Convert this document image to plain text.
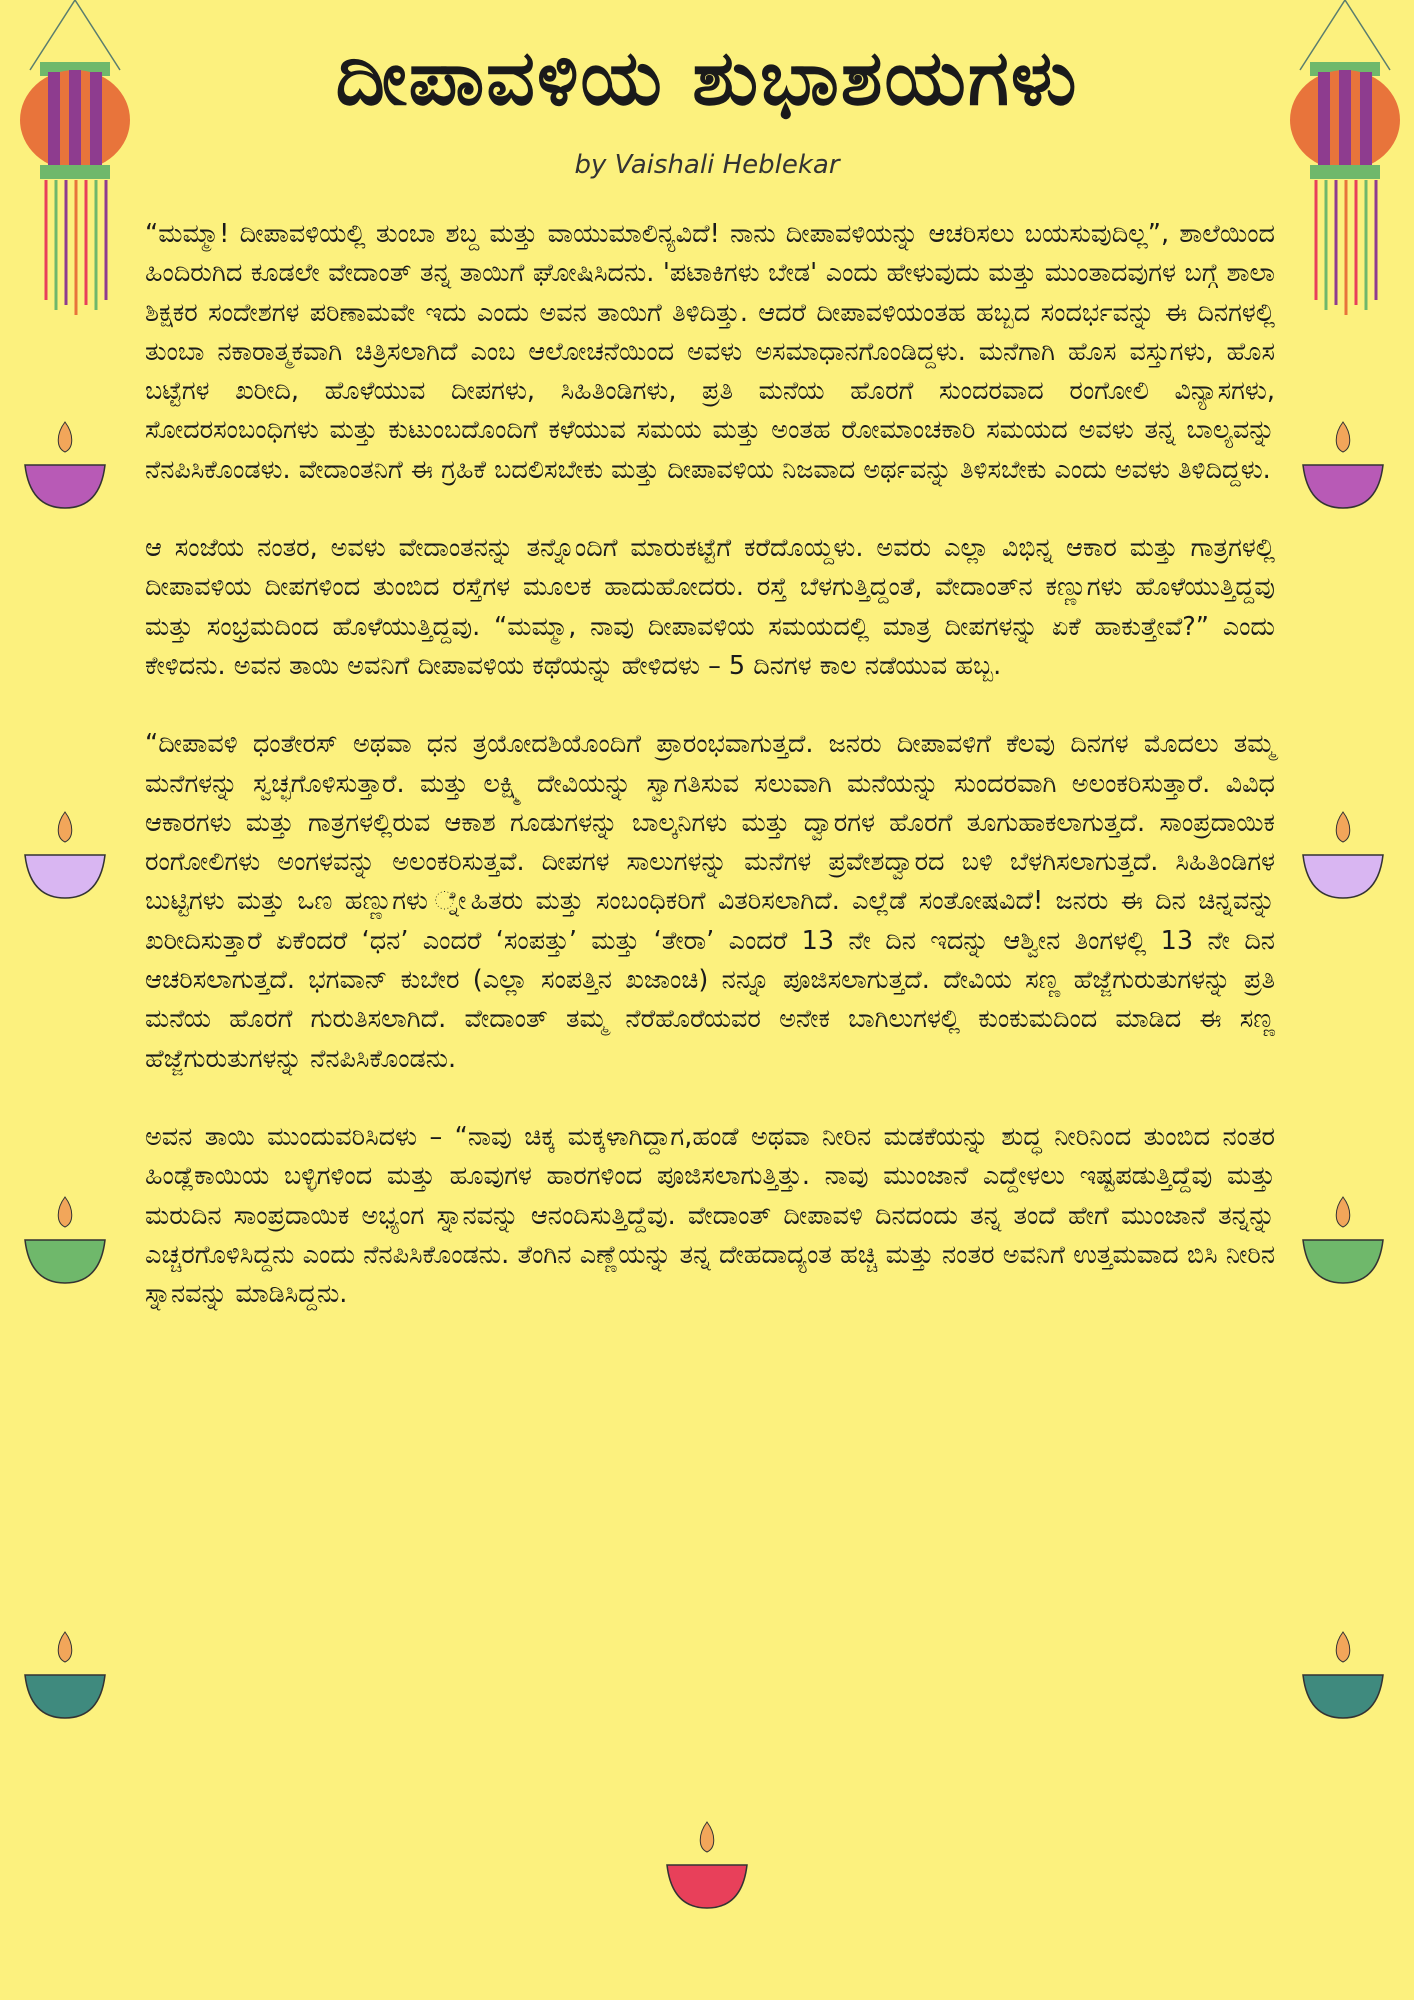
ದೀಪಾವಳಿಯ ಶುಭಾಶಯಗಳು
by Vaishali Heblekar

“ಮಮ್ಮಾ! ದೀಪಾವಳಿಯಲ್ಲಿ ತುಂಬಾ ಶಬ್ದ ಮತ್ತು ವಾಯುಮಾಲಿನ್ಯವಿದೆ! ನಾನು ದೀಪಾವಳಿಯನ್ನು ಆಚರಿಸಲು ಬಯಸುವುದಿಲ್ಲ”, ಶಾಲೆಯಿಂದ ಹಿಂದಿರುಗಿದ ಕೂಡಲೇ ವೇದಾಂತ್ ತನ್ನ ತಾಯಿಗೆ ಘೋಷಿಸಿದನು. 'ಪಟಾಕಿಗಳು ಬೇಡ' ಎಂದು ಹೇಳುವುದು ಮತ್ತು ಮುಂತಾದವುಗಳ ಬಗ್ಗೆ ಶಾಲಾ ಶಿಕ್ಷಕರ ಸಂದೇಶಗಳ ಪರಿಣಾಮವೇ ಇದು ಎಂದು ಅವನ ತಾಯಿಗೆ ತಿಳಿದಿತ್ತು. ಆದರೆ ದೀಪಾವಳಿಯಂತಹ ಹಬ್ಬದ ಸಂದರ್ಭವನ್ನು ಈ ದಿನಗಳಲ್ಲಿ ತುಂಬಾ ನಕಾರಾತ್ಮಕವಾಗಿ ಚಿತ್ರಿಸಲಾಗಿದೆ ಎಂಬ ಆಲೋಚನೆಯಿಂದ ಅವಳು ಅಸಮಾಧಾನಗೊಂಡಿದ್ದಳು. ಮನೆಗಾಗಿ ಹೊಸ ವಸ್ತುಗಳು, ಹೊಸ ಬಟ್ಟೆಗಳ ಖರೀದಿ, ಹೊಳೆಯುವ ದೀಪಗಳು, ಸಿಹಿತಿಂಡಿಗಳು, ಪ್ರತಿ ಮನೆಯ ಹೊರಗೆ ಸುಂದರವಾದ ರಂಗೋಲಿ ವಿನ್ಯಾಸಗಳು, ಸೋದರಸಂಬಂಧಿಗಳು ಮತ್ತು ಕುಟುಂಬದೊಂದಿಗೆ ಕಳೆಯುವ ಸಮಯ ಮತ್ತು ಅಂತಹ ರೋಮಾಂಚಕಾರಿ ಸಮಯದ ಅವಳು ತನ್ನ ಬಾಲ್ಯವನ್ನು ನೆನಪಿಸಿಕೊಂಡಳು. ವೇದಾಂತನಿಗೆ ಈ ಗ್ರಹಿಕೆ ಬದಲಿಸಬೇಕು ಮತ್ತು ದೀಪಾವಳಿಯ ನಿಜವಾದ ಅರ್ಥವನ್ನು ತಿಳಿಸಬೇಕು ಎಂದು ಅವಳು ತಿಳಿದಿದ್ದಳು.

ಆ ಸಂಜೆಯ ನಂತರ, ಅವಳು ವೇದಾಂತನನ್ನು ತನ್ನೊಂದಿಗೆ ಮಾರುಕಟ್ಟೆಗೆ ಕರೆದೊಯ್ದಳು. ಅವರು ಎಲ್ಲಾ ವಿಭಿನ್ನ ಆಕಾರ ಮತ್ತು ಗಾತ್ರಗಳಲ್ಲಿ ದೀಪಾವಳಿಯ ದೀಪಗಳಿಂದ ತುಂಬಿದ ರಸ್ತೆಗಳ ಮೂಲಕ ಹಾದುಹೋದರು. ರಸ್ತೆ ಬೆಳಗುತ್ತಿದ್ದಂತೆ, ವೇದಾಂತ್‌ನ ಕಣ್ಣುಗಳು ಹೊಳೆಯುತ್ತಿದ್ದವು ಮತ್ತು ಸಂಭ್ರಮದಿಂದ ಹೊಳೆಯುತ್ತಿದ್ದವು. “ಮಮ್ಮಾ, ನಾವು ದೀಪಾವಳಿಯ ಸಮಯದಲ್ಲಿ ಮಾತ್ರ ದೀಪಗಳನ್ನು ಏಕೆ ಹಾಕುತ್ತೇವೆ?” ಎಂದು ಕೇಳಿದನು. ಅವನ ತಾಯಿ ಅವನಿಗೆ ದೀಪಾವಳಿಯ ಕಥೆಯನ್ನು ಹೇಳಿದಳು – 5 ದಿನಗಳ ಕಾಲ ನಡೆಯುವ ಹಬ್ಬ.

“ದೀಪಾವಳಿ ಧಂತೇರಸ್ ಅಥವಾ ಧನ ತ್ರಯೋದಶಿಯೊಂದಿಗೆ ಪ್ರಾರಂಭವಾಗುತ್ತದೆ. ಜನರು ದೀಪಾವಳಿಗೆ ಕೆಲವು ದಿನಗಳ ಮೊದಲು ತಮ್ಮ ಮನೆಗಳನ್ನು ಸ್ವಚ್ಛಗೊಳಿಸುತ್ತಾರೆ. ಮತ್ತು ಲಕ್ಷ್ಮಿ ದೇವಿಯನ್ನು ಸ್ವಾಗತಿಸುವ ಸಲುವಾಗಿ ಮನೆಯನ್ನು ಸುಂದರವಾಗಿ ಅಲಂಕರಿಸುತ್ತಾರೆ. ವಿವಿಧ ಆಕಾರಗಳು ಮತ್ತು ಗಾತ್ರಗಳಲ್ಲಿರುವ ಆಕಾಶ ಗೂಡುಗಳನ್ನು ಬಾಲ್ಕನಿಗಳು ಮತ್ತು ದ್ವಾರಗಳ ಹೊರಗೆ ತೂಗುಹಾಕಲಾಗುತ್ತದೆ. ಸಾಂಪ್ರದಾಯಿಕ ರಂಗೋಲಿಗಳು ಅಂಗಳವನ್ನು ಅಲಂಕರಿಸುತ್ತವೆ. ದೀಪಗಳ ಸಾಲುಗಳನ್ನು ಮನೆಗಳ ಪ್ರವೇಶದ್ವಾರದ ಬಳಿ ಬೆಳಗಿಸಲಾಗುತ್ತದೆ. ಸಿಹಿತಿಂಡಿಗಳ ಬುಟ್ಟಿಗಳು ಮತ್ತು ಒಣ ಹಣ್ಣುಗಳು ್ನೇಹಿತರು ಮತ್ತು ಸಂಬಂಧಿಕರಿಗೆ ವಿತರಿಸಲಾಗಿದೆ. ಎಲ್ಲೆಡೆ ಸಂತೋಷವಿದೆ! ಜನರು ಈ ದಿನ ಚಿನ್ನವನ್ನು ಖರೀದಿಸುತ್ತಾರೆ ಏಕೆಂದರೆ ‘ಧನ’ ಎಂದರೆ ‘ಸಂಪತ್ತು’ ಮತ್ತು ‘ತೇರಾ’ ಎಂದರೆ 13 ನೇ ದಿನ ಇದನ್ನು ಆಶ್ವೀನ ತಿಂಗಳಲ್ಲಿ 13 ನೇ ದಿನ ಆಚರಿಸಲಾಗುತ್ತದೆ. ಭಗವಾನ್ ಕುಬೇರ (ಎಲ್ಲಾ ಸಂಪತ್ತಿನ ಖಜಾಂಚಿ) ನನ್ನೂ ಪೂಜಿಸಲಾಗುತ್ತದೆ. ದೇವಿಯ ಸಣ್ಣ ಹೆಜ್ಜೆಗುರುತುಗಳನ್ನು ಪ್ರತಿ ಮನೆಯ ಹೊರಗೆ ಗುರುತಿಸಲಾಗಿದೆ. ವೇದಾಂತ್ ತಮ್ಮ ನೆರೆಹೊರೆಯವರ ಅನೇಕ ಬಾಗಿಲುಗಳಲ್ಲಿ ಕುಂಕುಮದಿಂದ ಮಾಡಿದ ಈ ಸಣ್ಣ ಹೆಜ್ಜೆಗುರುತುಗಳನ್ನು ನೆನಪಿಸಿಕೊಂಡನು.

ಅವನ ತಾಯಿ ಮುಂದುವರಿಸಿದಳು – “ನಾವು ಚಿಕ್ಕ ಮಕ್ಕಳಾಗಿದ್ದಾಗ,ಹಂಡೆ ಅಥವಾ ನೀರಿನ ಮಡಕೆಯನ್ನು ಶುದ್ಧ ನೀರಿನಿಂದ ತುಂಬಿದ ನಂತರ ಹಿಂಡ್ಲೆಕಾಯಿಯ ಬಳ್ಳಿಗಳಿಂದ ಮತ್ತು ಹೂವುಗಳ ಹಾರಗಳಿಂದ ಪೂಜಿಸಲಾಗುತ್ತಿತ್ತು. ನಾವು ಮುಂಜಾನೆ ಎದ್ದೇಳಲು ಇಷ್ಟಪಡುತ್ತಿದ್ದೆವು ಮತ್ತು ಮರುದಿನ ಸಾಂಪ್ರದಾಯಿಕ ಅಭ್ಯಂಗ ಸ್ನಾನವನ್ನು ಆನಂದಿಸುತ್ತಿದ್ದೆವು. ವೇದಾಂತ್ ದೀಪಾವಳಿ ದಿನದಂದು ತನ್ನ ತಂದೆ ಹೇಗೆ ಮುಂಜಾನೆ ತನ್ನನ್ನು ಎಚ್ಚರಗೊಳಿಸಿದ್ದನು ಎಂದು ನೆನಪಿಸಿಕೊಂಡನು. ತೆಂಗಿನ ಎಣ್ಣೆಯನ್ನು ತನ್ನ ದೇಹದಾದ್ಯಂತ ಹಚ್ಚಿ ಮತ್ತು ನಂತರ ಅವನಿಗೆ ಉತ್ತಮವಾದ ಬಿಸಿ ನೀರಿನ ಸ್ನಾನವನ್ನು ಮಾಡಿಸಿದ್ದನು.
